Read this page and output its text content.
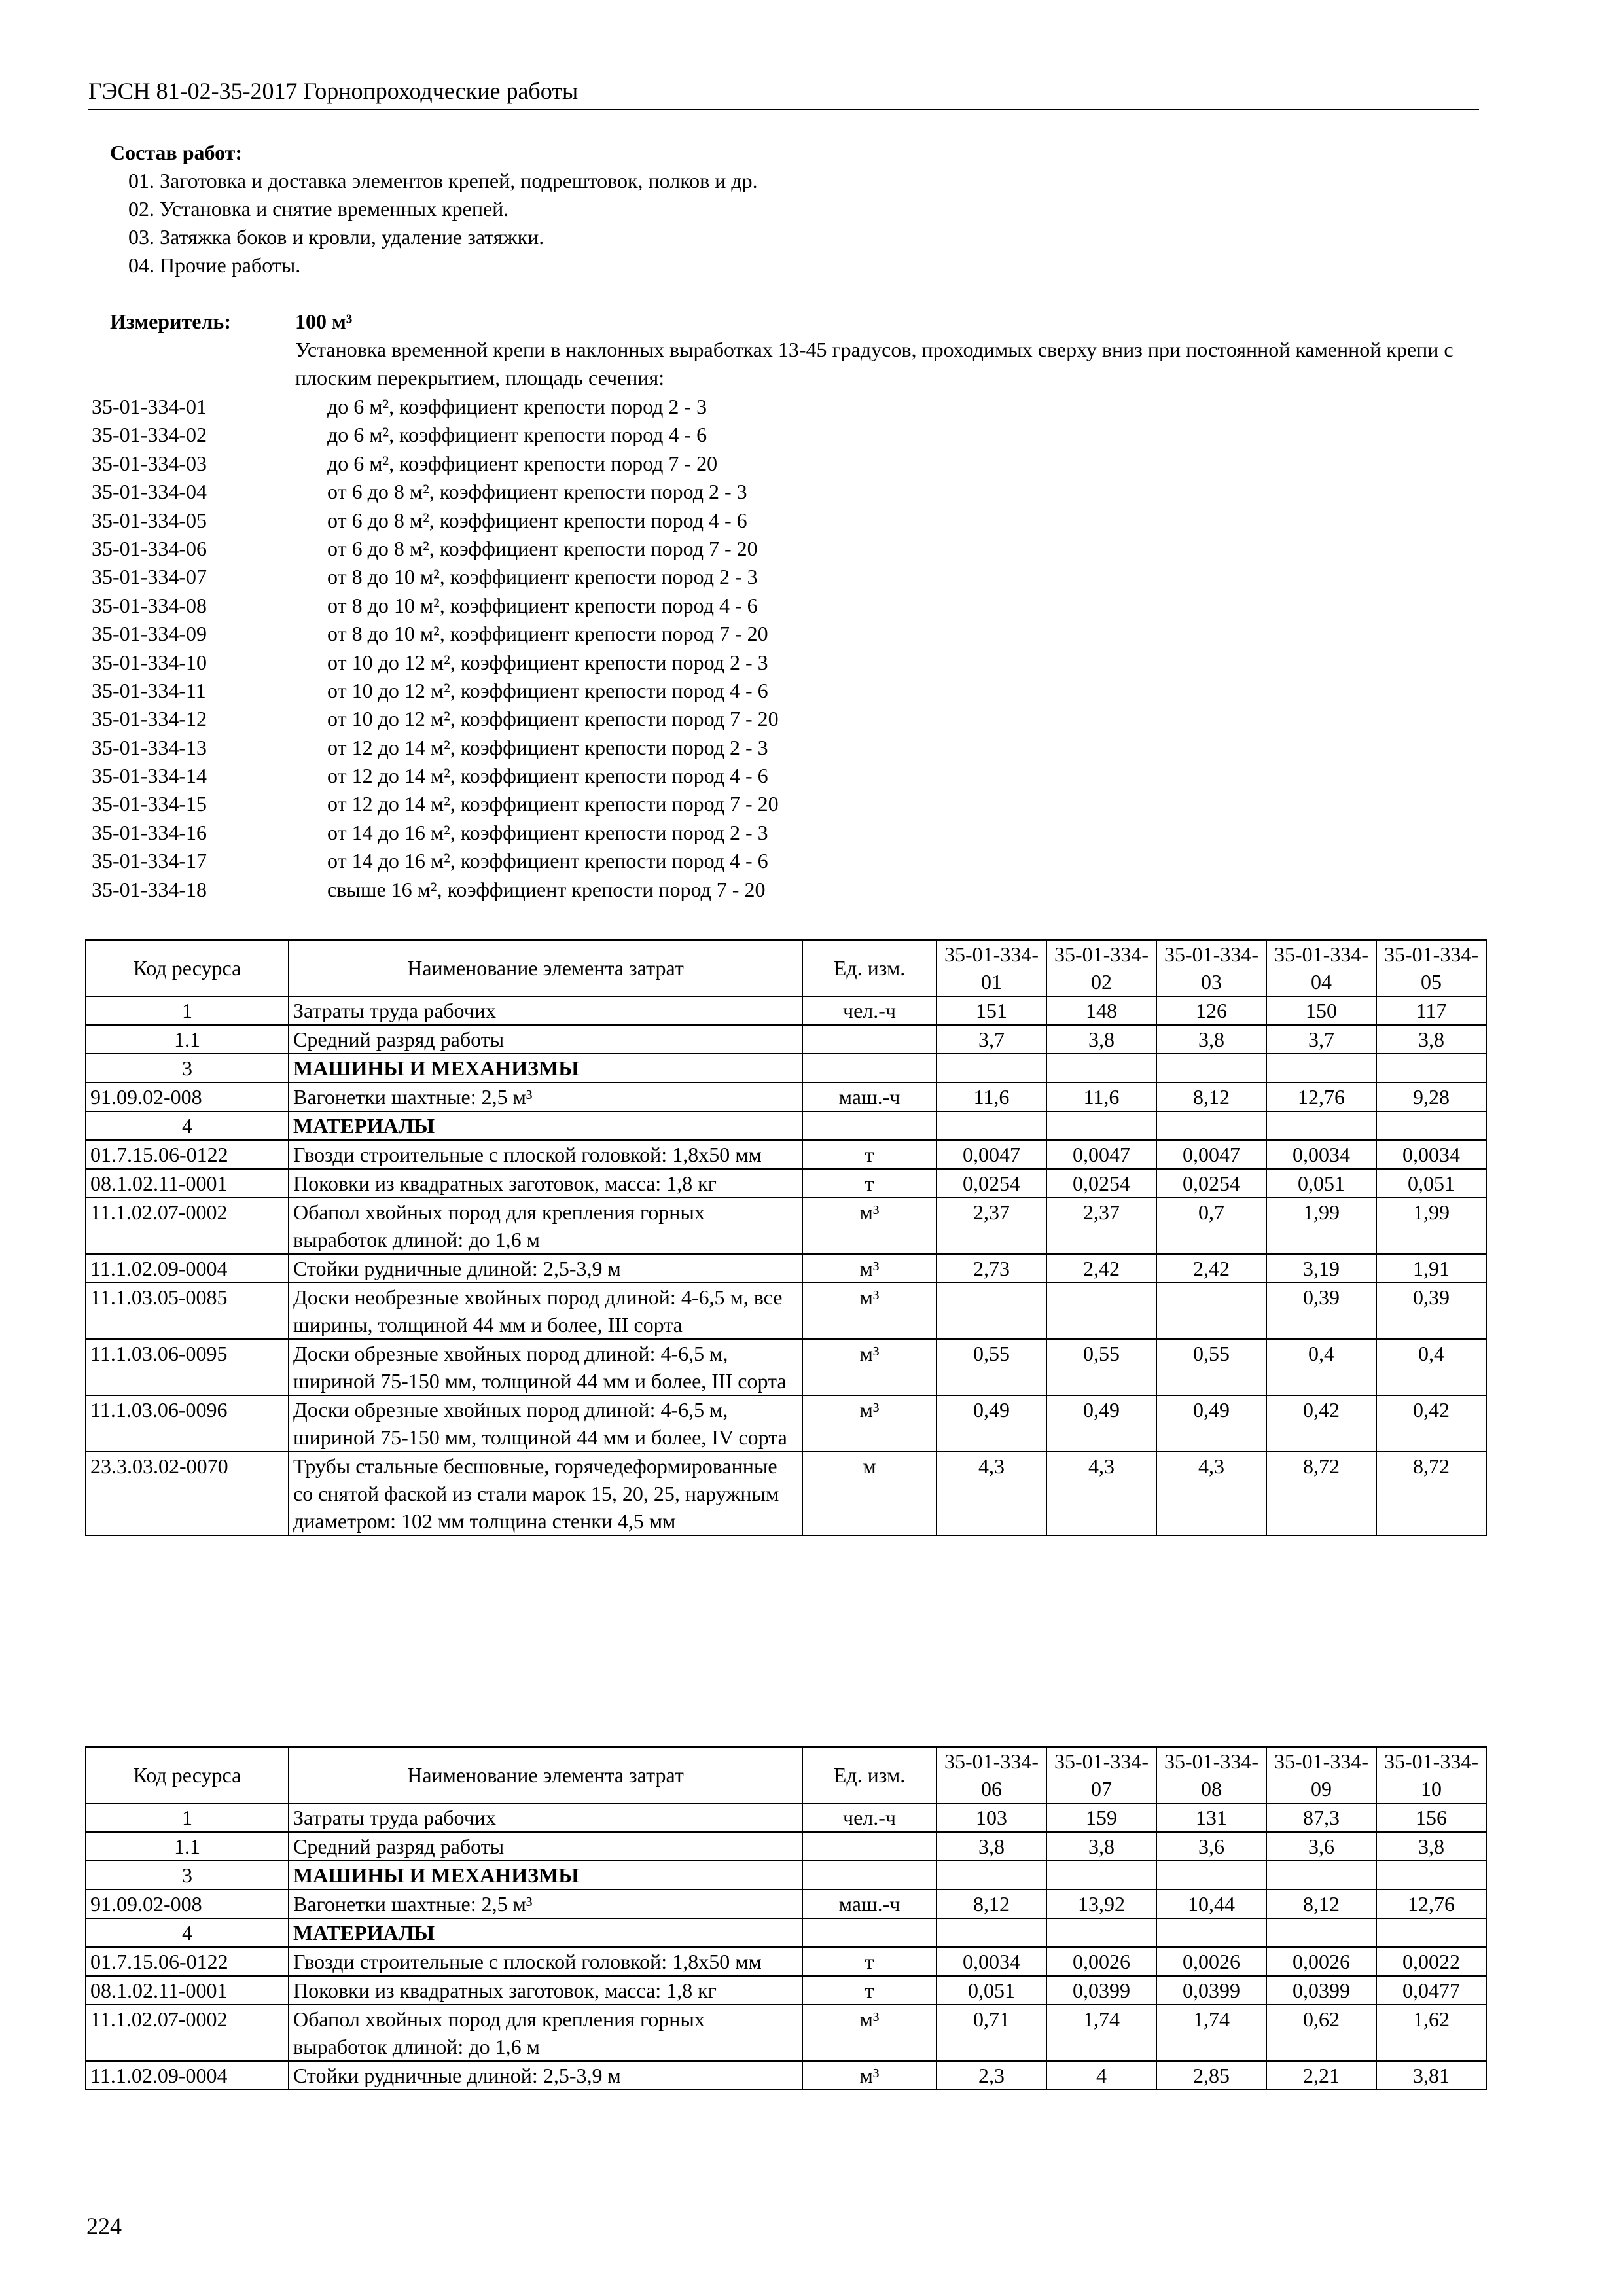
ГЭСН 81-02-35-2017 Горнопроходческие работы
Состав работ:
01. Заготовка и доставка элементов крепей, подрештовок, полков и др.
02. Установка и снятие временных крепей.
03. Затяжка боков и кровли, удаление затяжки.
04. Прочие работы.
Измеритель:	100 м³
Установка временной крепи в наклонных выработках 13-45 градусов, проходимых сверху вниз при постоянной каменной крепи с плоским перекрытием, площадь сечения:
35-01-334-01	до 6 м², коэффициент крепости пород 2 - 3
35-01-334-02	до 6 м², коэффициент крепости пород 4 - 6
35-01-334-03	до 6 м², коэффициент крепости пород 7 - 20
35-01-334-04	от 6 до 8 м², коэффициент крепости пород 2 - 3
35-01-334-05	от 6 до 8 м², коэффициент крепости пород 4 - 6
35-01-334-06	от 6 до 8 м², коэффициент крепости пород 7 - 20
35-01-334-07	от 8 до 10 м², коэффициент крепости пород 2 - 3
35-01-334-08	от 8 до 10 м², коэффициент крепости пород 4 - 6
35-01-334-09	от 8 до 10 м², коэффициент крепости пород 7 - 20
35-01-334-10	от 10 до 12 м², коэффициент крепости пород 2 - 3
35-01-334-11	от 10 до 12 м², коэффициент крепости пород 4 - 6
35-01-334-12	от 10 до 12 м², коэффициент крепости пород 7 - 20
35-01-334-13	от 12 до 14 м², коэффициент крепости пород 2 - 3
35-01-334-14	от 12 до 14 м², коэффициент крепости пород 4 - 6
35-01-334-15	от 12 до 14 м², коэффициент крепости пород 7 - 20
35-01-334-16	от 14 до 16 м², коэффициент крепости пород 2 - 3
35-01-334-17	от 14 до 16 м², коэффициент крепости пород 4 - 6
35-01-334-18	свыше 16 м², коэффициент крепости пород 7 - 20
Код ресурса	Наименование элемента затрат	Ед. изм.	35-01-334-01	35-01-334-02	35-01-334-03	35-01-334-04	35-01-334-05
1	Затраты труда рабочих	чел.-ч	151	148	126	150	117
1.1	Средний разряд работы		3,7	3,8	3,8	3,7	3,8
3	МАШИНЫ И МЕХАНИЗМЫ						
91.09.02-008	Вагонетки шахтные: 2,5 м³	маш.-ч	11,6	11,6	8,12	12,76	9,28
4	МАТЕРИАЛЫ						
01.7.15.06-0122	Гвозди строительные с плоской головкой: 1,8x50 мм	т	0,0047	0,0047	0,0047	0,0034	0,0034
08.1.02.11-0001	Поковки из квадратных заготовок, масса: 1,8 кг	т	0,0254	0,0254	0,0254	0,051	0,051
11.1.02.07-0002	Обапол хвойных пород для крепления горных выработок длиной: до 1,6 м	м³	2,37	2,37	0,7	1,99	1,99
11.1.02.09-0004	Стойки рудничные длиной: 2,5-3,9 м	м³	2,73	2,42	2,42	3,19	1,91
11.1.03.05-0085	Доски необрезные хвойных пород длиной: 4-6,5 м, все ширины, толщиной 44 мм и более, III сорта	м³				0,39	0,39
11.1.03.06-0095	Доски обрезные хвойных пород длиной: 4-6,5 м, шириной 75-150 мм, толщиной 44 мм и более, III сорта	м³	0,55	0,55	0,55	0,4	0,4
11.1.03.06-0096	Доски обрезные хвойных пород длиной: 4-6,5 м, шириной 75-150 мм, толщиной 44 мм и более, IV сорта	м³	0,49	0,49	0,49	0,42	0,42
23.3.03.02-0070	Трубы стальные бесшовные, горячедеформированные со снятой фаской из стали марок 15, 20, 25, наружным диаметром: 102 мм толщина стенки 4,5 мм	м	4,3	4,3	4,3	8,72	8,72
Код ресурса	Наименование элемента затрат	Ед. изм.	35-01-334-06	35-01-334-07	35-01-334-08	35-01-334-09	35-01-334-10
1	Затраты труда рабочих	чел.-ч	103	159	131	87,3	156
1.1	Средний разряд работы		3,8	3,8	3,6	3,6	3,8
3	МАШИНЫ И МЕХАНИЗМЫ						
91.09.02-008	Вагонетки шахтные: 2,5 м³	маш.-ч	8,12	13,92	10,44	8,12	12,76
4	МАТЕРИАЛЫ						
01.7.15.06-0122	Гвозди строительные с плоской головкой: 1,8x50 мм	т	0,0034	0,0026	0,0026	0,0026	0,0022
08.1.02.11-0001	Поковки из квадратных заготовок, масса: 1,8 кг	т	0,051	0,0399	0,0399	0,0399	0,0477
11.1.02.07-0002	Обапол хвойных пород для крепления горных выработок длиной: до 1,6 м	м³	0,71	1,74	1,74	0,62	1,62
11.1.02.09-0004	Стойки рудничные длиной: 2,5-3,9 м	м³	2,3	4	2,85	2,21	3,81
224
